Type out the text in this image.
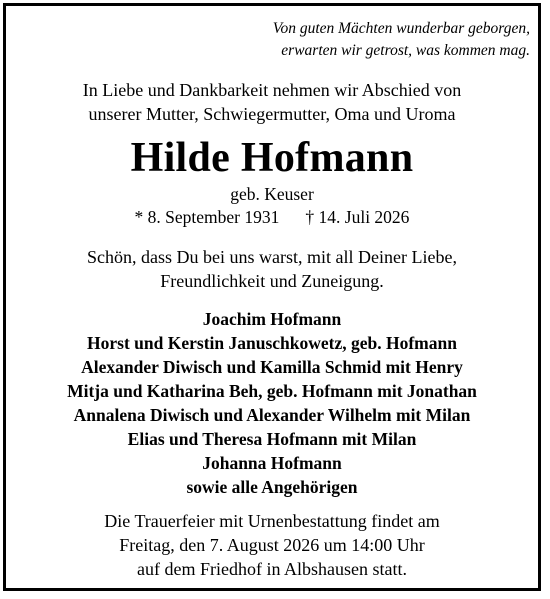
Von guten Mächten wunderbar geborgen,
erwarten wir getrost, was kommen mag.
In Liebe und Dankbarkeit nehmen wir Abschied von
unserer Mutter, Schwiegermutter, Oma und Uroma
Hilde Hofmann
geb. Keuser
* 8. September 1931 † 14. Juli 2026
Schön, dass Du bei uns warst, mit all Deiner Liebe,
Freundlichkeit und Zuneigung.
Joachim Hofmann
Horst und Kerstin Januschkowetz, geb. Hofmann
Alexander Diwisch und Kamilla Schmid mit Henry
Mitja und Katharina Beh, geb. Hofmann mit Jonathan
Annalena Diwisch und Alexander Wilhelm mit Milan
Elias und Theresa Hofmann mit Milan
Johanna Hofmann
sowie alle Angehörigen
Die Trauerfeier mit Urnenbestattung findet am
Freitag, den 7. August 2026 um 14:00 Uhr
auf dem Friedhof in Albshausen statt.
